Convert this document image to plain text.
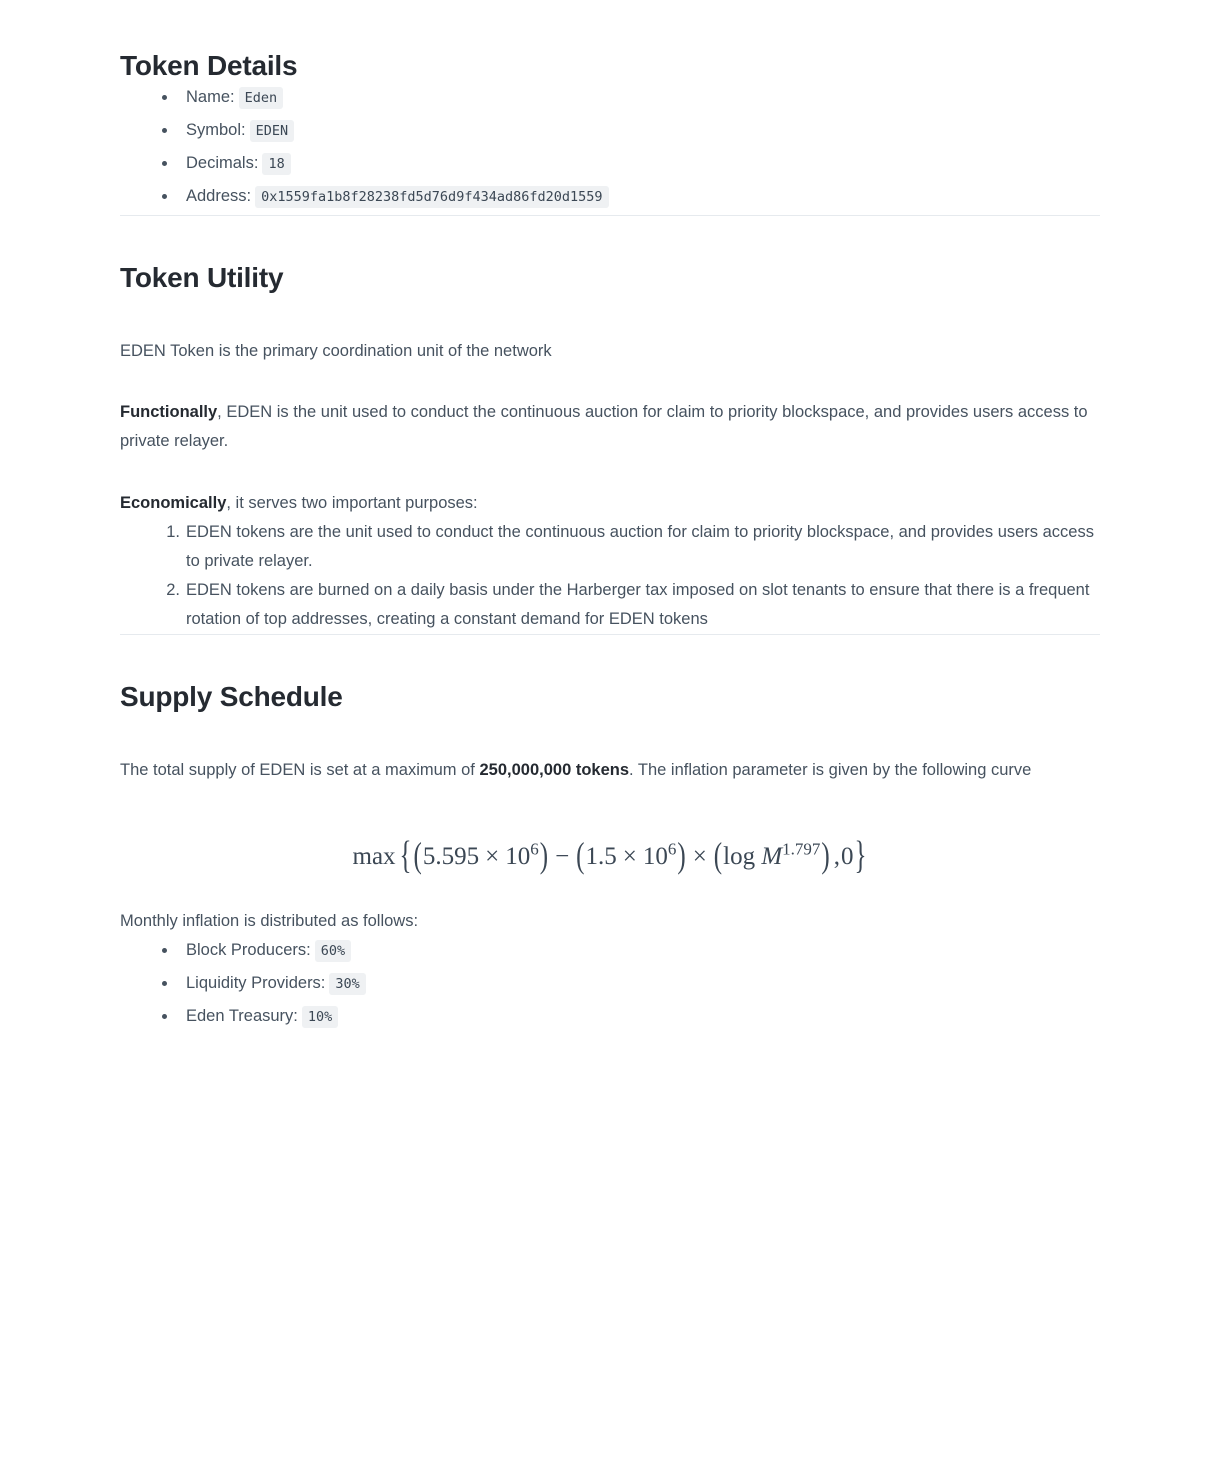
Token Details
Name: Eden
Symbol: EDEN
Decimals: 18
Address: 0x1559fa1b8f28238fd5d76d9f434ad86fd20d1559
Token Utility

EDEN Token is the primary coordination unit of the network

Functionally, EDEN is the unit used to conduct the continuous auction for claim to priority blockspace, and provides users access to private relayer.

Economically, it serves two important purposes:

EDEN tokens are the unit used to conduct the continuous auction for claim to priority blockspace, and provides users access to private relayer.
EDEN tokens are burned on a daily basis under the Harberger tax imposed on slot tenants to ensure that there is a frequent rotation of top addresses, creating a constant demand for EDEN tokens
Supply Schedule

The total supply of EDEN is set at a maximum of 250,000,000 tokens. The inflation parameter is given by the following curve

$\max \{(5.595 \times 10^6) - (1.5 \times 10^6) \times (\log$ $M^{1.797}$) ,0}

Monthly inflation is distributed as follows:

Block Producers: 60%
Liquidity Providers: 30%
Eden Treasury: 10%
